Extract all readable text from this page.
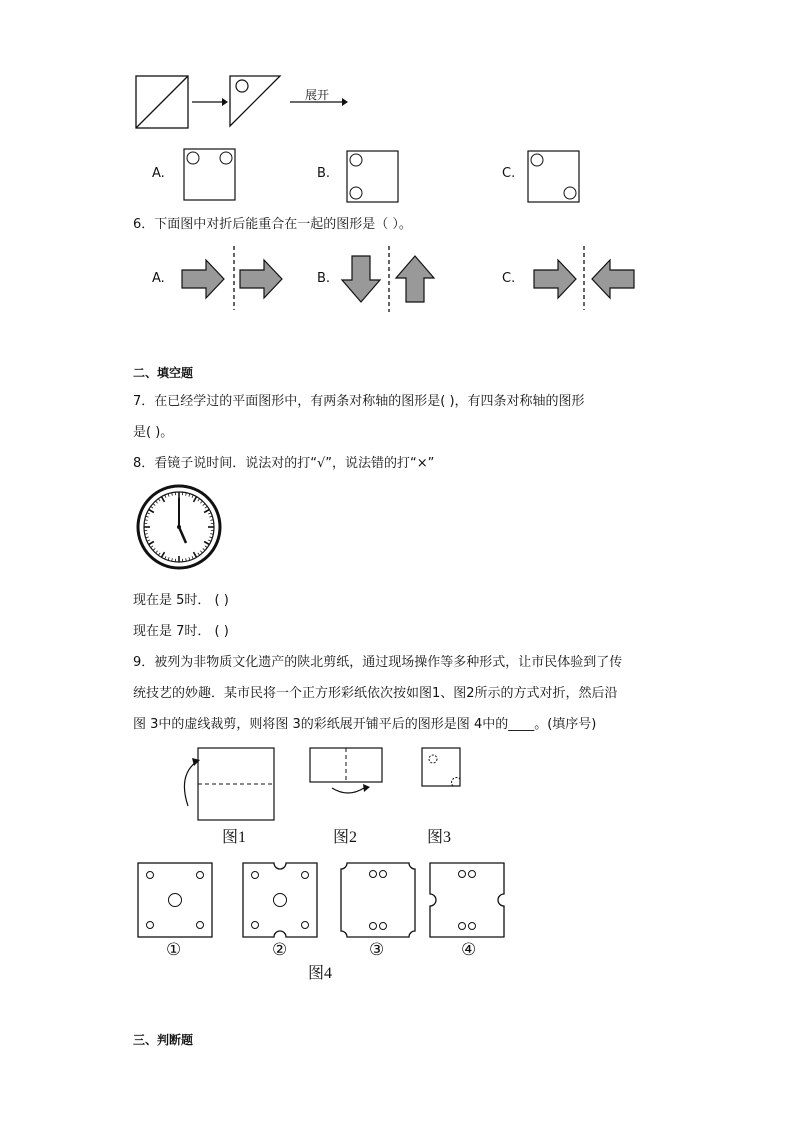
展开
A.	B.	C.
6．下面图中对折后能重合在一起的图形是（ ）。
A.	B.	C.
二、填空题
7．在已经学过的平面图形中，有两条对称轴的图形是( )，有四条对称轴的图形
是( )。
8．看镜子说时间．说法对的打“√”，说法错的打“×”
现在是 5时． ( )
现在是 7时． ( )
9．被列为非物质文化遗产的陕北剪纸，通过现场操作等多种形式，让市民体验到了传
统技艺的妙趣．某市民将一个正方形彩纸依次按如图1、图2所示的方式对折，然后沿
图 3中的虚线裁剪，则将图 3的彩纸展开铺平后的图形是图 4中的____。(填序号)
图1	图2	图3
①	②	③	④
图4
三、判断题
